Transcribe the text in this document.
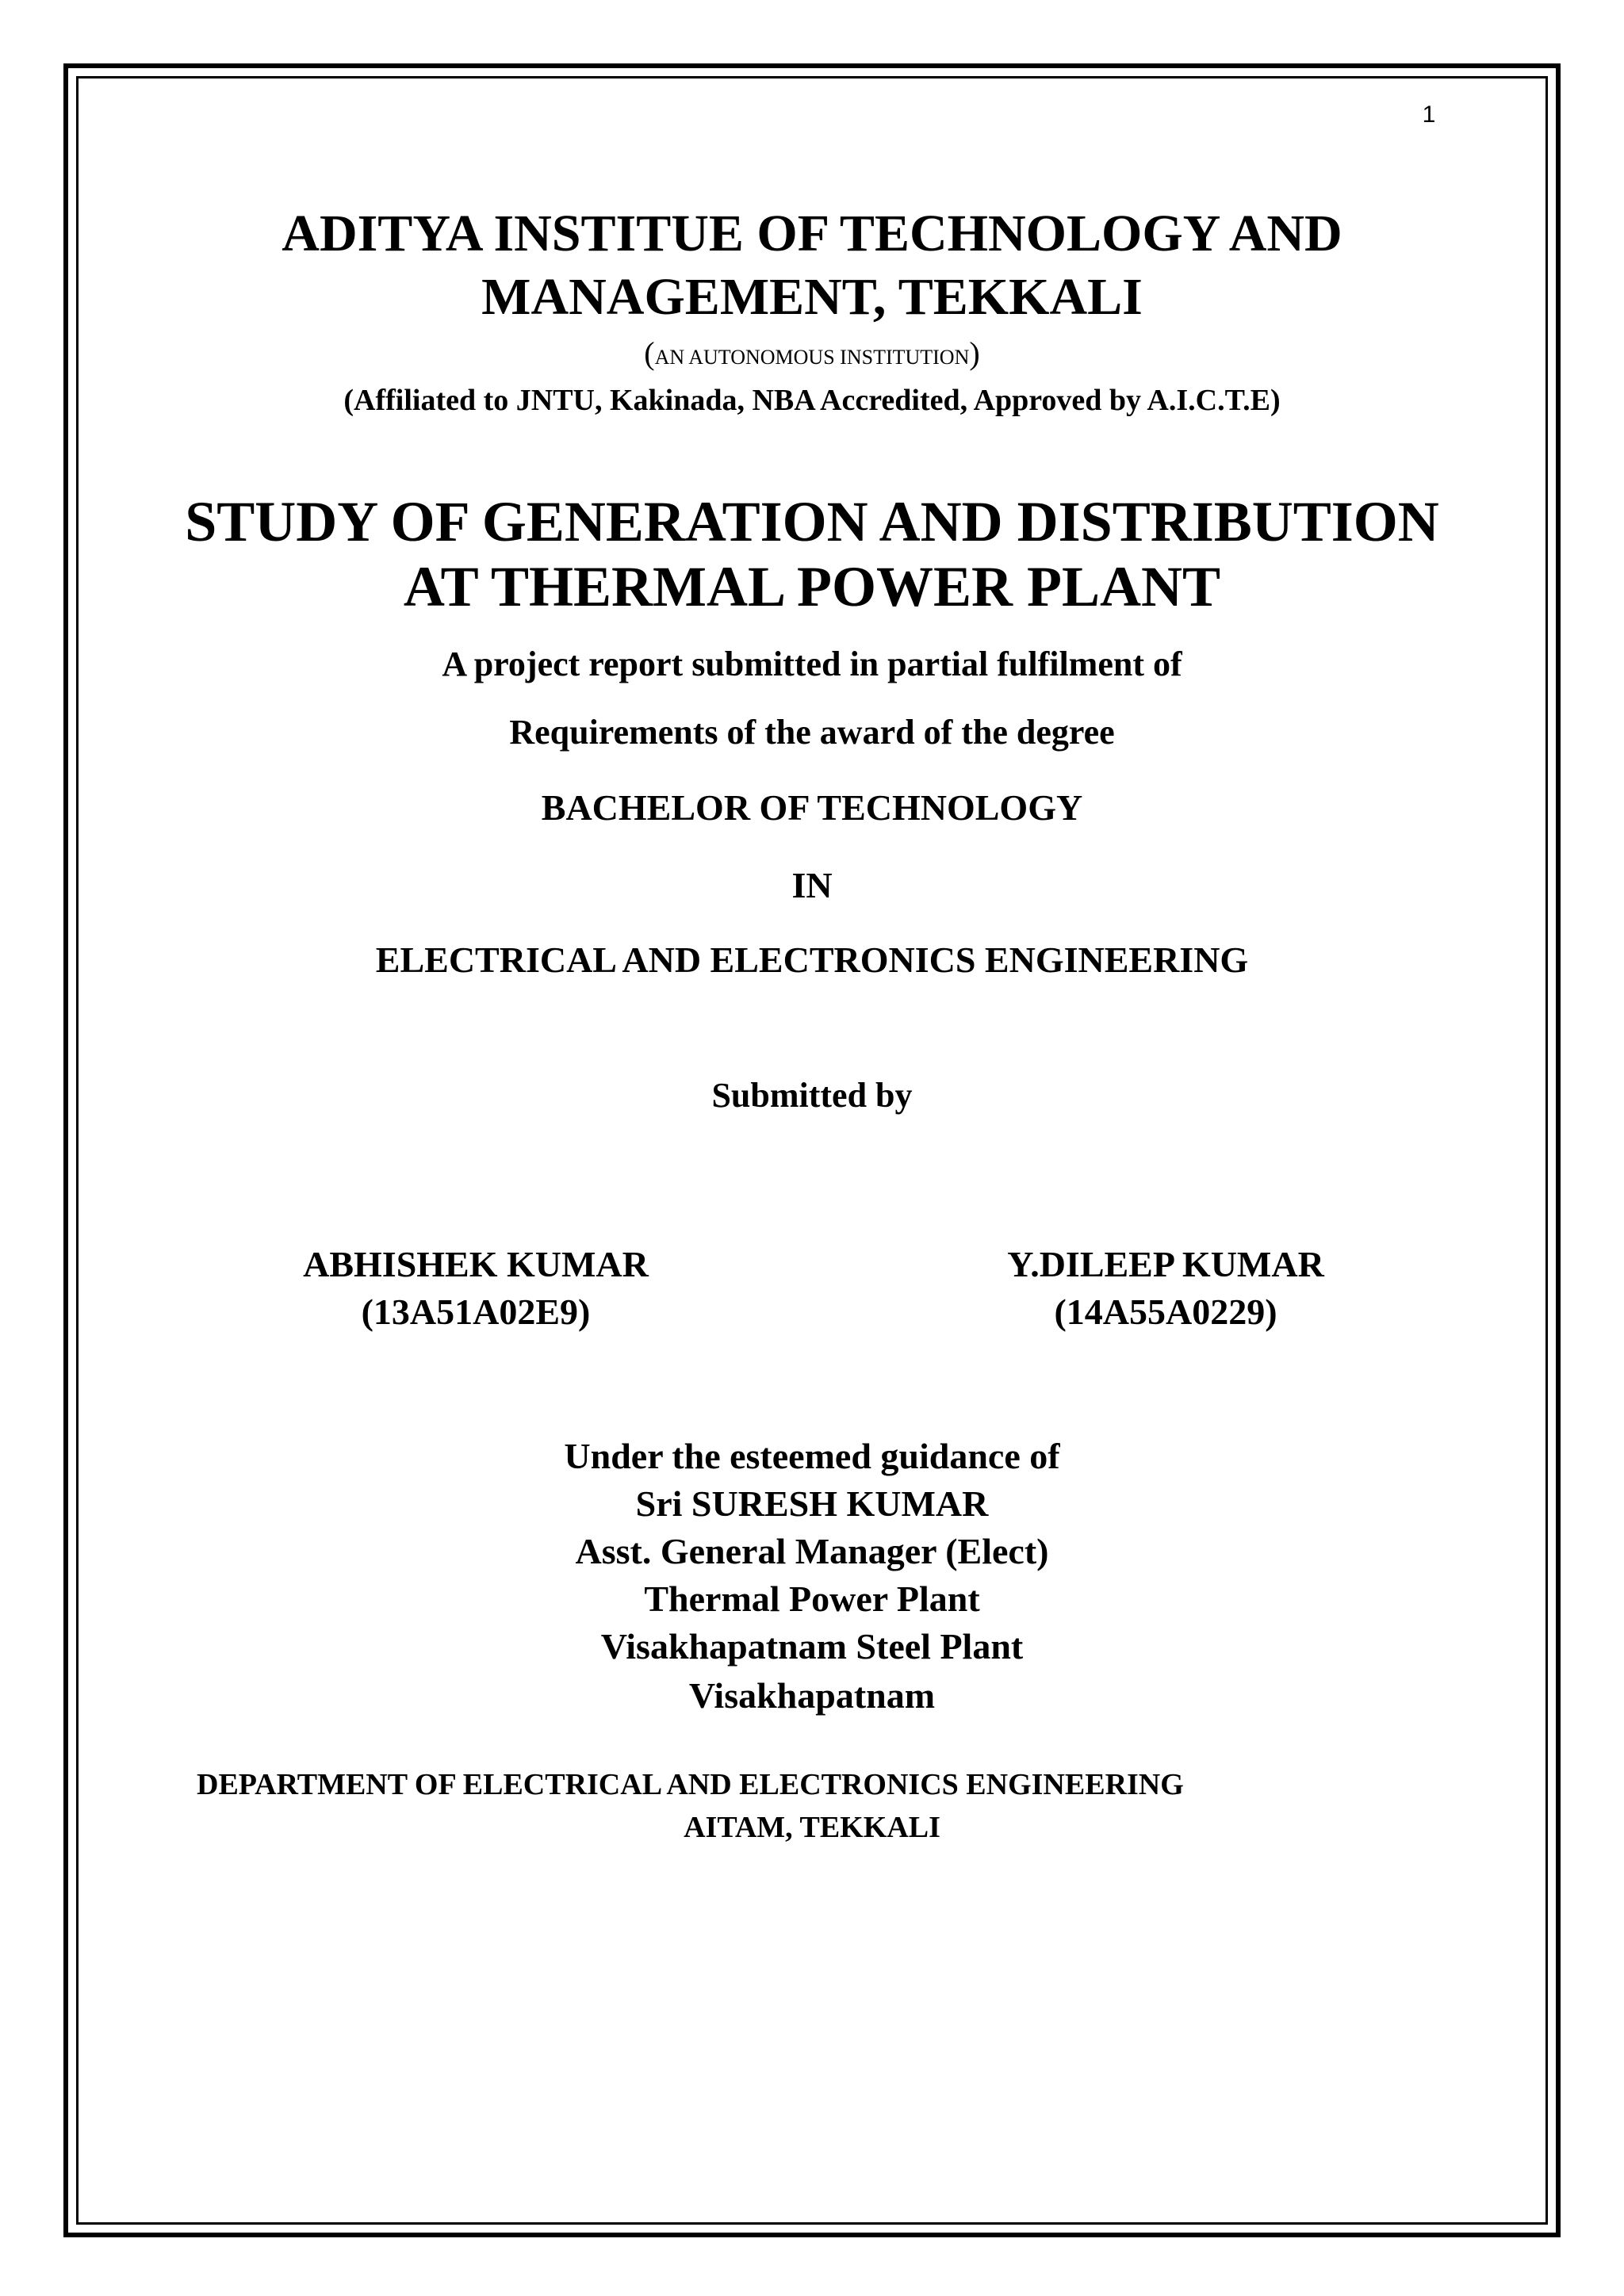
1
ADITYA INSTITUE OF TECHNOLOGY AND
MANAGEMENT, TEKKALI
(AN AUTONOMOUS INSTITUTION)
(Affiliated to JNTU, Kakinada, NBA Accredited, Approved by A.I.C.T.E)
STUDY OF GENERATION AND DISTRIBUTION
AT THERMAL POWER PLANT
A project report submitted in partial fulfilment of
Requirements of the award of the degree
BACHELOR OF TECHNOLOGY
IN
ELECTRICAL AND ELECTRONICS ENGINEERING
Submitted by
ABHISHEK KUMAR
(13A51A02E9)
Y.DILEEP KUMAR
(14A55A0229)
Under the esteemed guidance of
Sri SURESH KUMAR
Asst. General Manager (Elect)
Thermal Power Plant
Visakhapatnam Steel Plant
Visakhapatnam
DEPARTMENT OF ELECTRICAL AND ELECTRONICS ENGINEERING
AITAM, TEKKALI
